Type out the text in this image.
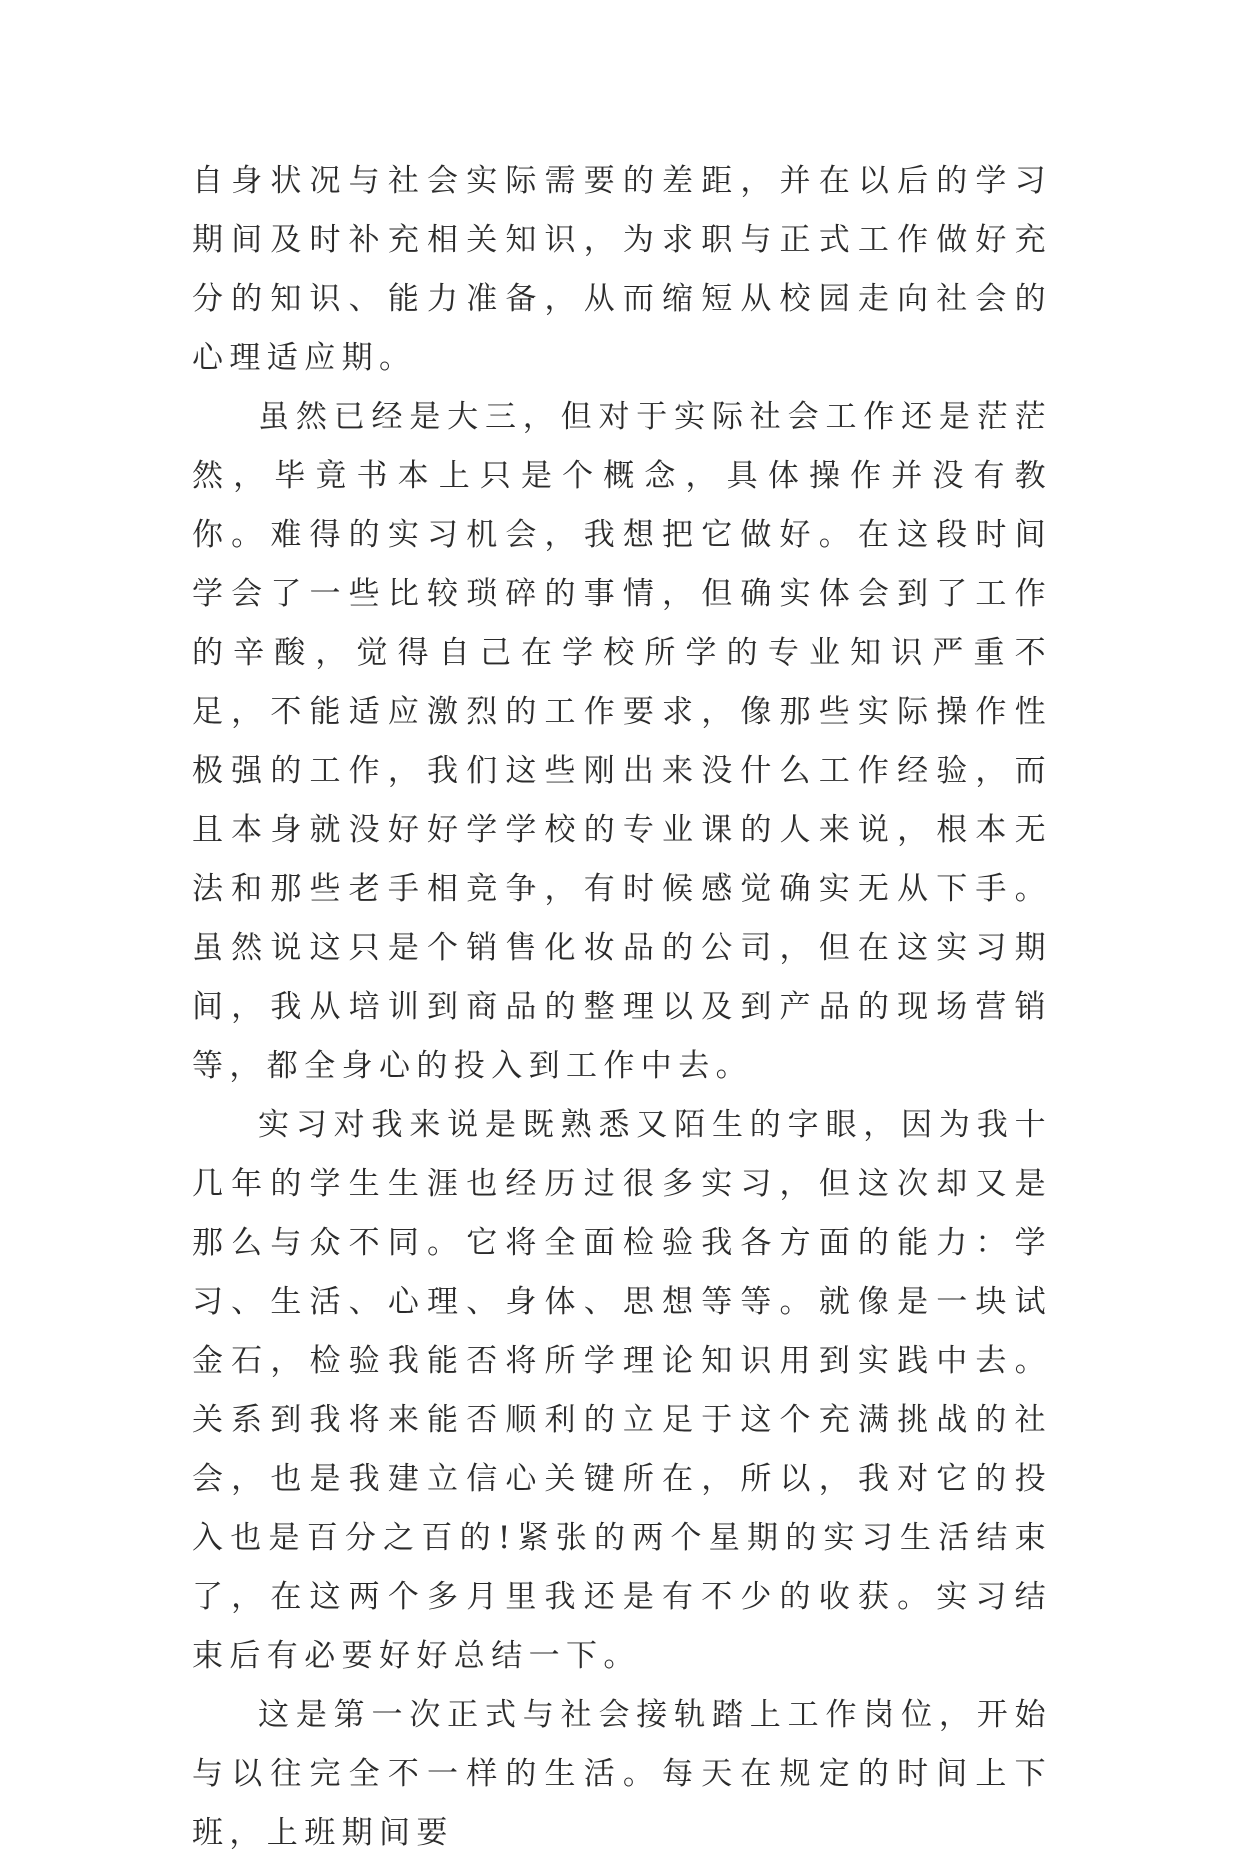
自身状况与社会实际需要的差距，并在以后的学习期间及时补充相关知识，为求职与正式工作做好充分的知识、能力准备，从而缩短从校园走向社会的心理适应期。

虽然已经是大三，但对于实际社会工作还是茫茫然，毕竟书本上只是个概念，具体操作并没有教你。难得的实习机会，我想把它做好。在这段时间学会了一些比较琐碎的事情，但确实体会到了工作的辛酸，觉得自己在学校所学的专业知识严重不足，不能适应激烈的工作要求，像那些实际操作性极强的工作，我们这些刚出来没什么工作经验，而且本身就没好好学学校的专业课的人来说，根本无法和那些老手相竞争，有时候感觉确实无从下手。虽然说这只是个销售化妆品的公司，但在这实习期间，我从培训到商品的整理以及到产品的现场营销等，都全身心的投入到工作中去。

实习对我来说是既熟悉又陌生的字眼，因为我十几年的学生生涯也经历过很多实习，但这次却又是那么与众不同。它将全面检验我各方面的能力：学习、生活、心理、身体、思想等等。就像是一块试金石，检验我能否将所学理论知识用到实践中去。关系到我将来能否顺利的立足于这个充满挑战的社会，也是我建立信心关键所在，所以，我对它的投入也是百分之百的!紧张的两个星期的实习生活结束了，在这两个多月里我还是有不少的收获。实习结束后有必要好好总结一下。

这是第一次正式与社会接轨踏上工作岗位，开始与以往完全不一样的生活。每天在规定的时间上下班，上班期间要
